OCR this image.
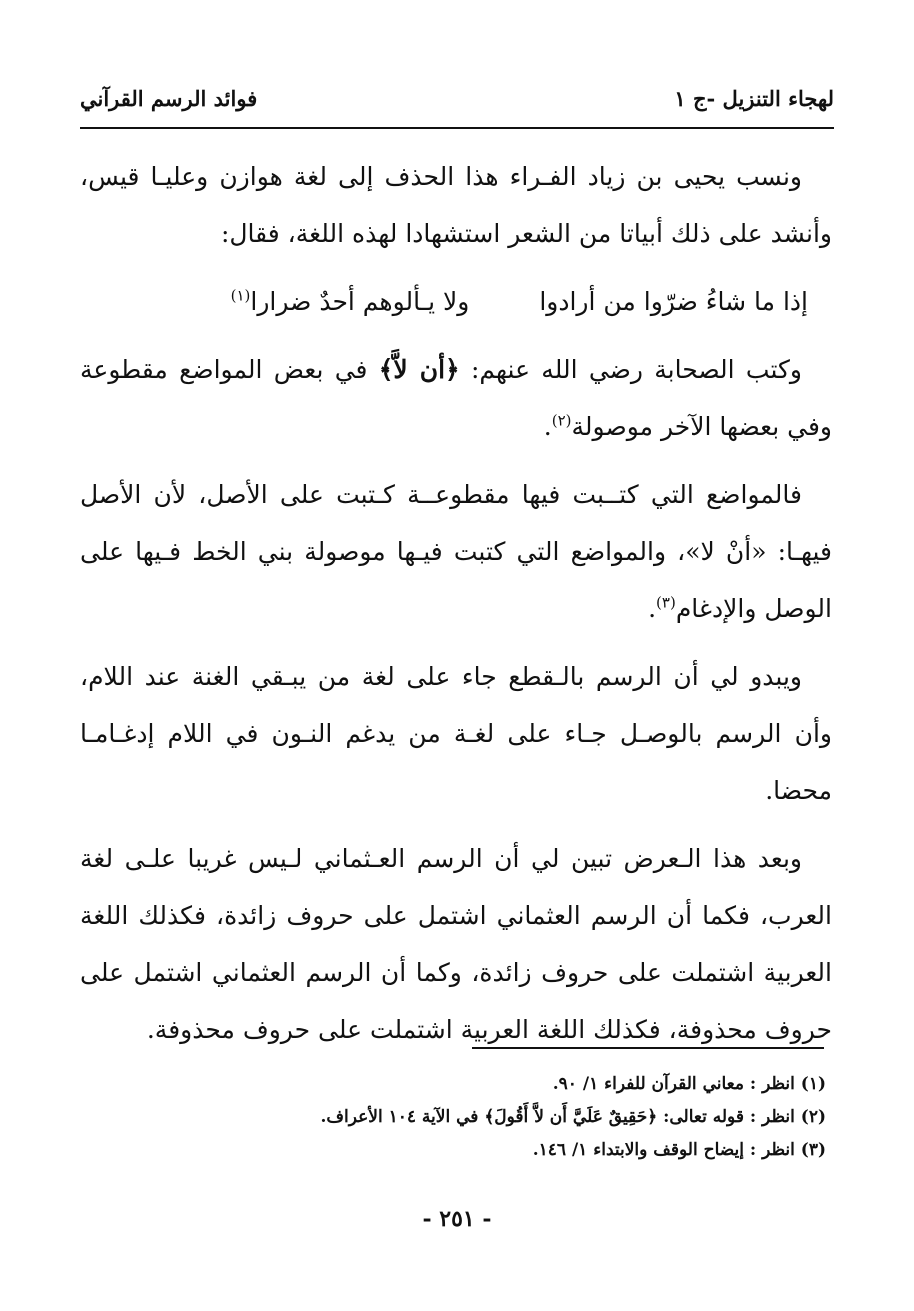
لهجاء التنزيل -ج ١
فوائد الرسم القرآني

ونسب يحيى بن زياد الفـراء هذا الحذف إلى لغة هوازن وعليـا قيس، وأنشد على ذلك أبياتا من الشعر استشهادا لهذه اللغة، فقال:

إذا ما شاءُ ضرّوا من أرادوا
ولا يـألوهم أحدٌ ضرارا$^{(١)}$

وكتب الصحابة رضي الله عنهم: ﴿أن لاَّ﴾ في بعض المواضع مقطوعة وفي بعضها الآخر موصولة$^{(٢)}$.

فالمواضع التي كتــبت فيها مقطوعــة كـتبت على الأصل، لأن الأصل فيهـا: «أنْ لا»، والمواضع التي كتبت فيـها موصولة بني الخط فـيها على الوصل والإدغام$^{(٣)}$.

ويبدو لي أن الرسم بالـقطع جاء على لغة من يبـقي الغنة عند اللام، وأن الرسم بالوصـل جـاء على لغـة من يدغم النـون في اللام إدغـامـا محضا.

وبعد هذا الـعرض تبين لي أن الرسم العـثماني لـيس غريبا علـى لغة العرب، فكما أن الرسم العثماني اشتمل على حروف زائدة، فكذلك اللغة العربية اشتملت على حروف زائدة، وكما أن الرسم العثماني اشتمل على حروف محذوفة، فكذلك اللغة العربية اشتملت على حروف محذوفة.

(١) انظر : معاني القرآن للفراء ١/ ٩٠.

(٢) انظر : قوله تعالى: ﴿حَقِيقٌ عَلَيَّ أَن لاَّ أَقُولَ﴾ في الآية ١٠٤ الأعراف.

(٣) انظر : إيضاح الوقف والابتداء ١/ ١٤٦.

- ٢٥١ -
